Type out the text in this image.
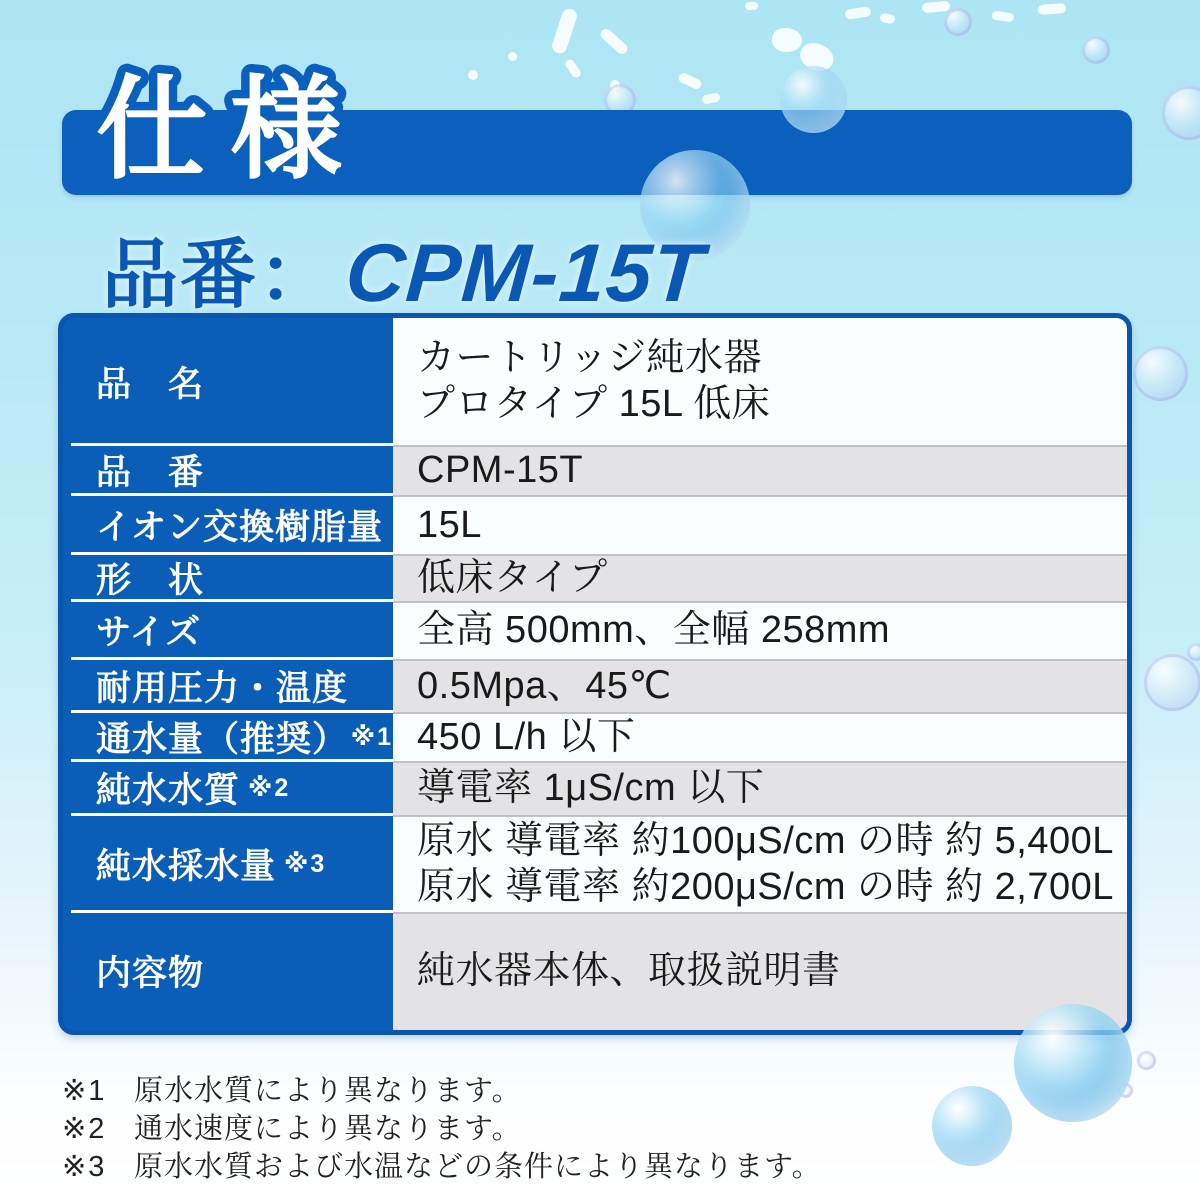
仕様
品番： CPM-15T
品　名
品　番
イオン交換樹脂量
形　状
サイズ
耐用圧力・温度
通水量（推奨） ※1
純水水質 ※2
純水採水量 ※3
内容物
カートリッジ純水器
プロタイプ 15L 低床
CPM-15T
15L
低床タイプ
全高 500mm、全幅 258mm
0.5Mpa、45℃
450 L/h 以下
導電率 1μS/cm 以下
原水 導電率 約100μS/cm の時 約 5,400L
原水 導電率 約200μS/cm の時 約 2,700L
純水器本体、取扱説明書
※1 原水水質により異なります。
※2 通水速度により異なります。
※3 原水水質および水温などの条件により異なります。
